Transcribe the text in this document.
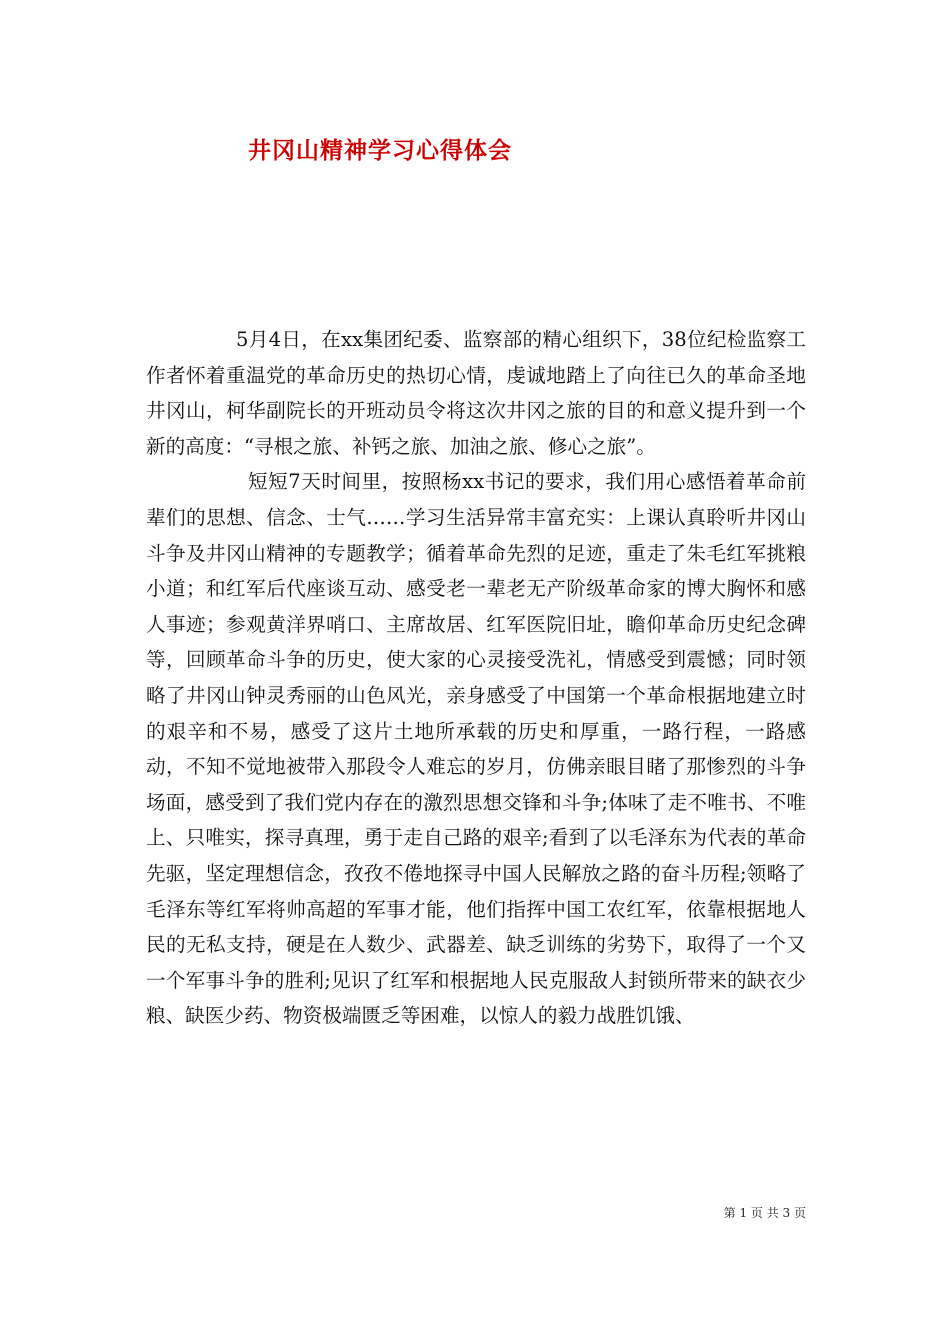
井冈山精神学习心得体会

5月4日，在xx集团纪委、监察部的精心组织下，38位纪检监察工作者怀着重温党的革命历史的热切心情，虔诚地踏上了向往已久的革命圣地井冈山，柯华副院长的开班动员令将这次井冈之旅的目的和意义提升到一个新的高度：“寻根之旅、补钙之旅、加油之旅、修心之旅”。

短短7天时间里，按照杨xx书记的要求，我们用心感悟着革命前辈们的思想、信念、士气……学习生活异常丰富充实：上课认真聆听井冈山斗争及井冈山精神的专题教学；循着革命先烈的足迹，重走了朱毛红军挑粮小道；和红军后代座谈互动、感受老一辈老无产阶级革命家的博大胸怀和感人事迹；参观黄洋界哨口、主席故居、红军医院旧址，瞻仰革命历史纪念碑等，回顾革命斗争的历史，使大家的心灵接受洗礼，情感受到震憾；同时领略了井冈山钟灵秀丽的山色风光，亲身感受了中国第一个革命根据地建立时的艰辛和不易，感受了这片土地所承载的历史和厚重，一路行程，一路感动，不知不觉地被带入那段令人难忘的岁月，仿佛亲眼目睹了那惨烈的斗争场面，感受到了我们党内存在的激烈思想交锋和斗争;体味了走不唯书、不唯上、只唯实，探寻真理，勇于走自己路的艰辛;看到了以毛泽东为代表的革命先驱，坚定理想信念，孜孜不倦地探寻中国人民解放之路的奋斗历程;领略了毛泽东等红军将帅高超的军事才能，他们指挥中国工农红军，依靠根据地人民的无私支持，硬是在人数少、武器差、缺乏训练的劣势下，取得了一个又一个军事斗争的胜利;见识了红军和根据地人民克服敌人封锁所带来的缺衣少粮、缺医少药、物资极端匮乏等困难，以惊人的毅力战胜饥饿、

第 1 页 共 3 页
